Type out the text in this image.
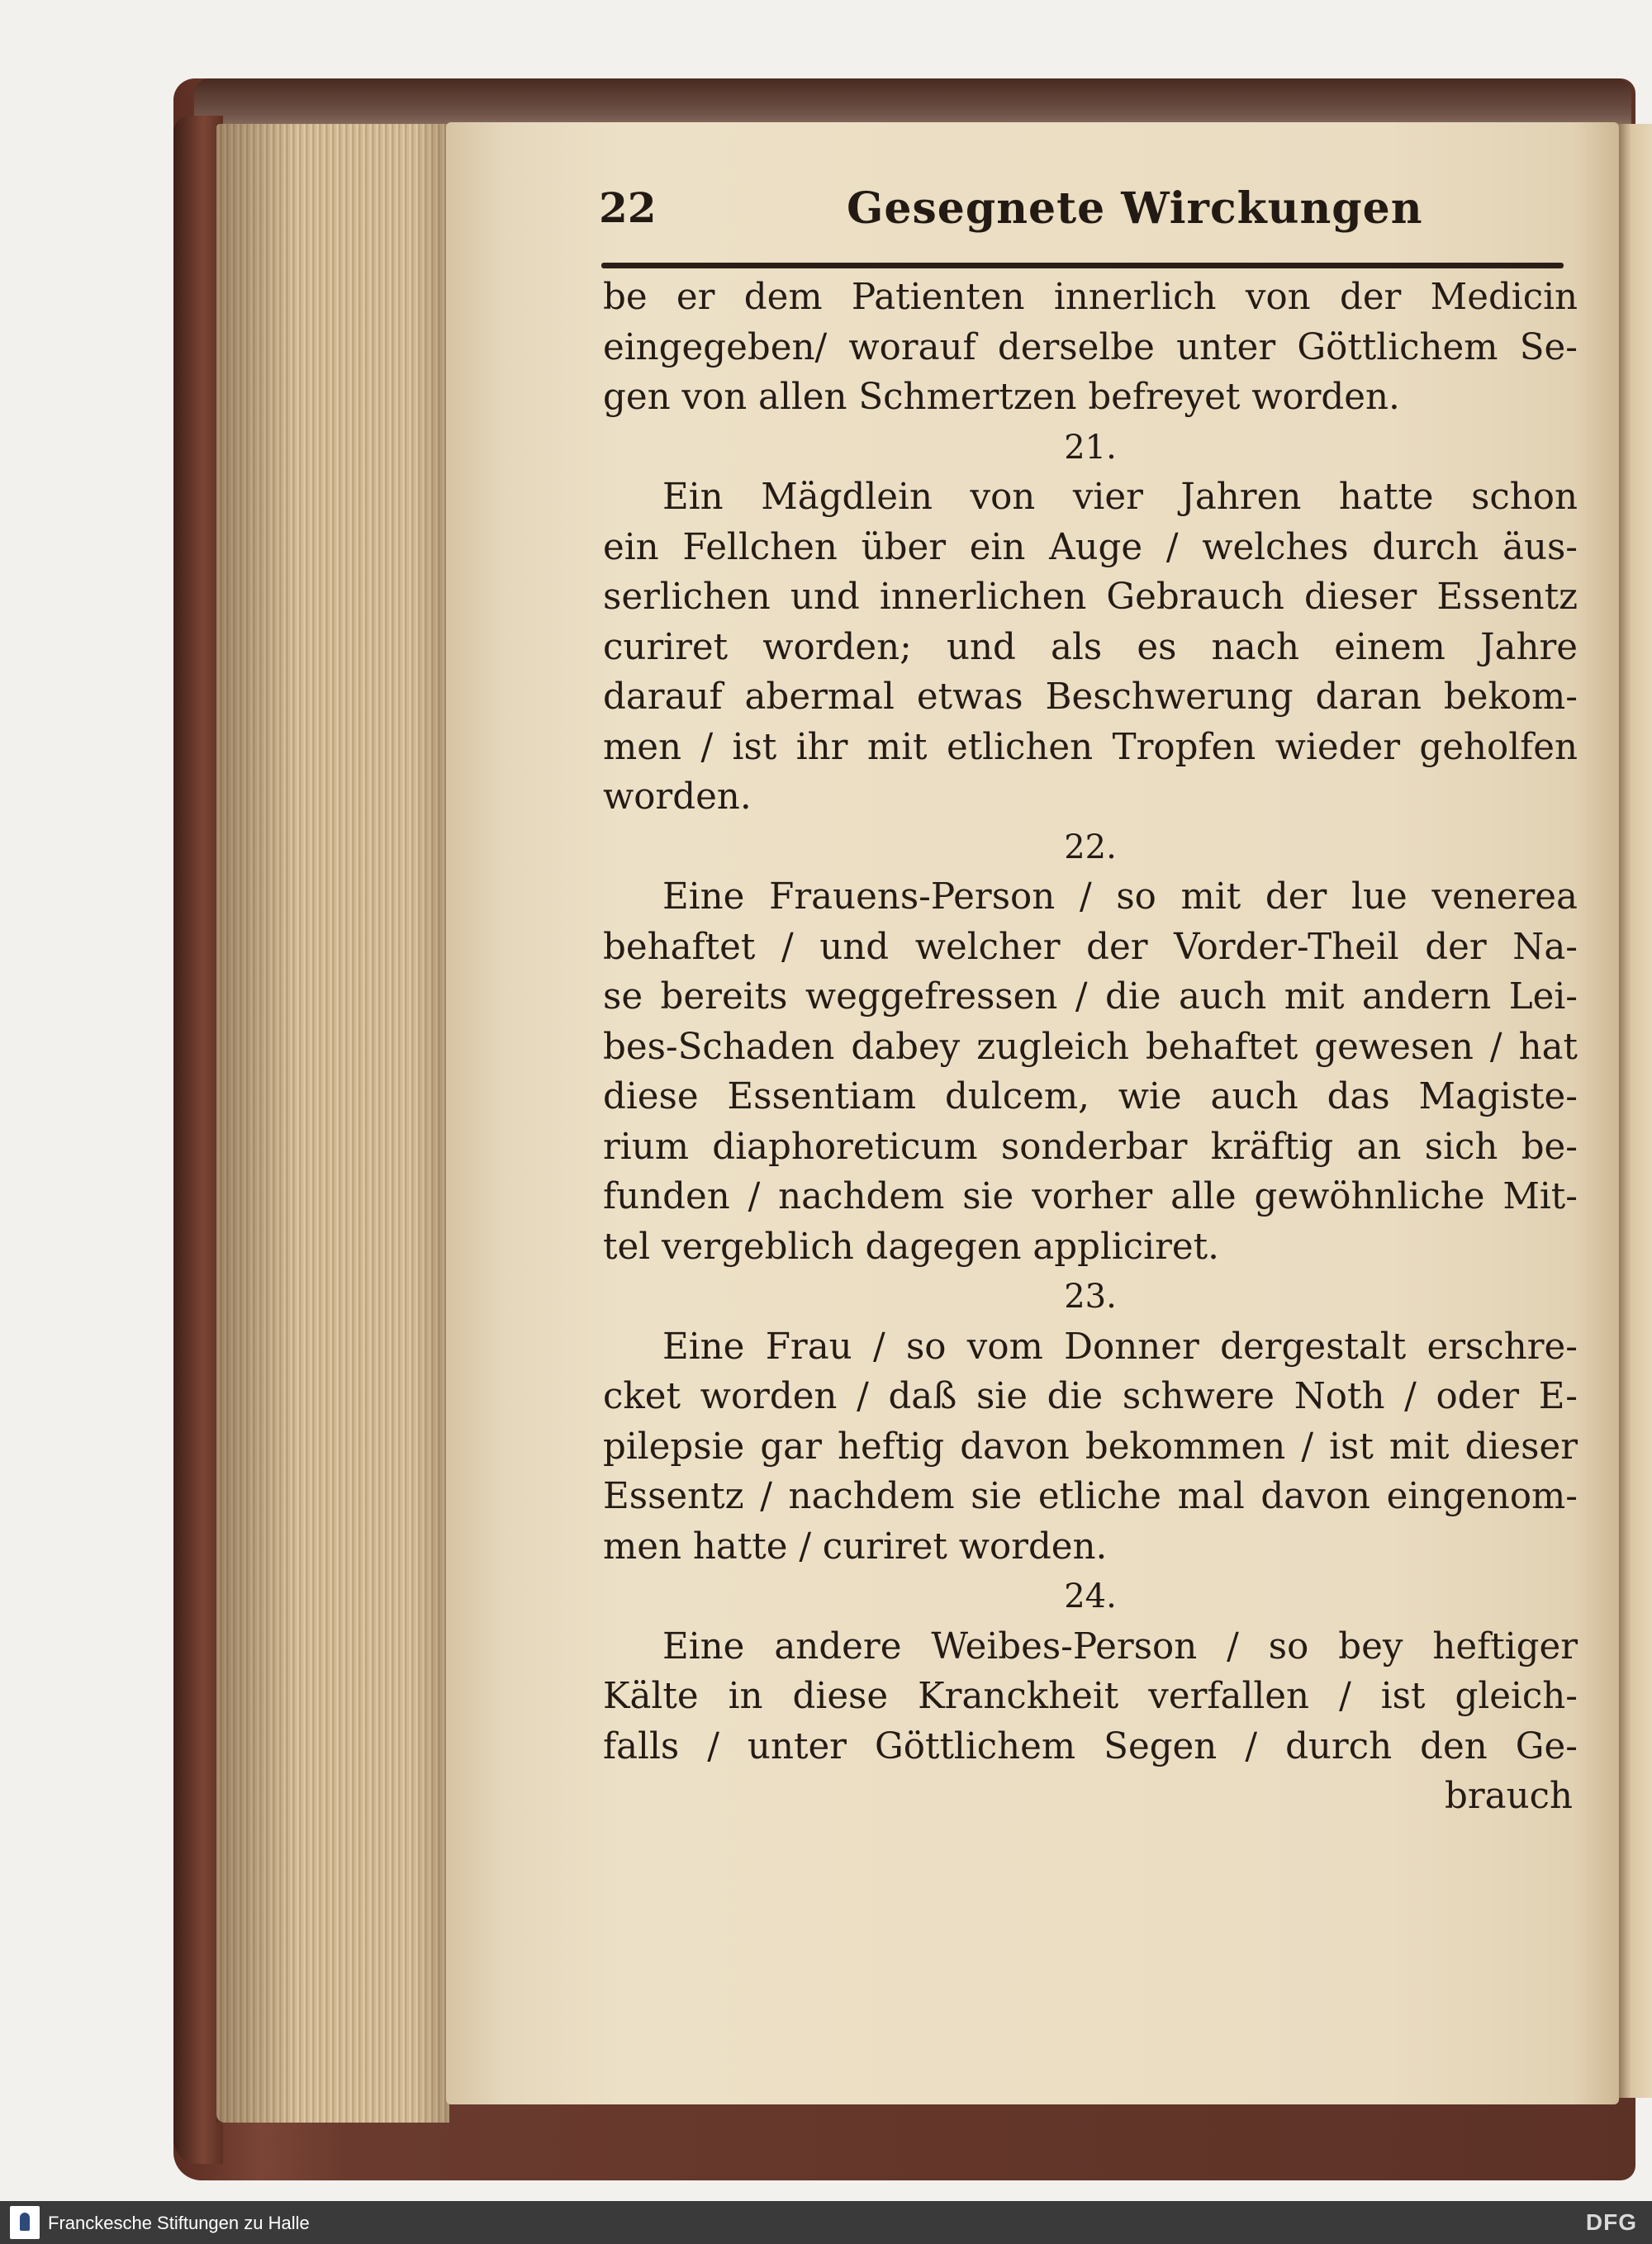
22	Gesegnete Wirckungen
be er dem Patienten innerlich von der Medicin
eingegeben/ worauf derselbe unter Göttlichem Se-
gen von allen Schmertzen befreyet worden.
21.
Ein Mägdlein von vier Jahren hatte schon
ein Fellchen über ein Auge / welches durch äus-
serlichen und innerlichen Gebrauch dieser Essentz
curiret worden; und als es nach einem Jahre
darauf abermal etwas Beschwerung daran bekom-
men / ist ihr mit etlichen Tropfen wieder geholfen
worden.
22.
Eine Frauens-Person / so mit der lue venerea
behaftet / und welcher der Vorder-Theil der Na-
se bereits weggefressen / die auch mit andern Lei-
bes-Schaden dabey zugleich behaftet gewesen / hat
diese Essentiam dulcem, wie auch das Magiste-
rium diaphoreticum sonderbar kräftig an sich be-
funden / nachdem sie vorher alle gewöhnliche Mit-
tel vergeblich dagegen appliciret.
23.
Eine Frau / so vom Donner dergestalt erschre-
cket worden / daß sie die schwere Noth / oder E-
pilepsie gar heftig davon bekommen / ist mit dieser
Essentz / nachdem sie etliche mal davon eingenom-
men hatte / curiret worden.
24.
Eine andere Weibes-Person / so bey heftiger
Kälte in diese Kranckheit verfallen / ist gleich-
falls / unter Göttlichem Segen / durch den Ge-
brauch
Franckesche Stiftungen zu Halle	DFG
